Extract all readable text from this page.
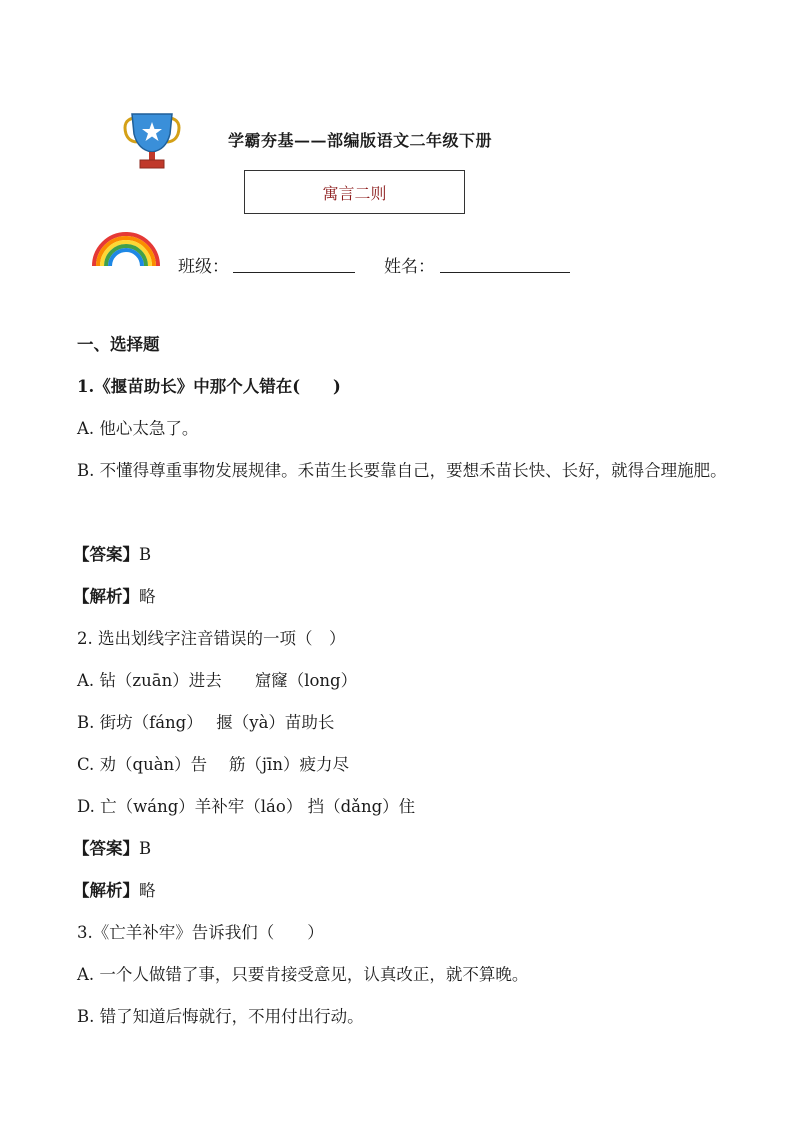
学霸夯基——部编版语文二年级下册
寓言二则
班级：	姓名：

一、选择题

1.《揠苗助长》中那个人错在(　　)

A. 他心太急了。

B. 不懂得尊重事物发展规律。禾苗生长要靠自己，要想禾苗长快、长好，就得合理施肥。

【答案】B

【解析】略

2. 选出划线字注音错误的一项（　）

A. 钻（zuān）进去　　窟窿（long）

B. 街坊（fáng）　 揠（yà）苗助长

C. 劝（quàn）告　 筋（jīn）疲力尽

D. 亡（wáng）羊补牢（láo） 挡（dǎng）住

【答案】B

【解析】略

3.《亡羊补牢》告诉我们（　　）

A. 一个人做错了事，只要肯接受意见，认真改正，就不算晚。

B. 错了知道后悔就行，不用付出行动。
